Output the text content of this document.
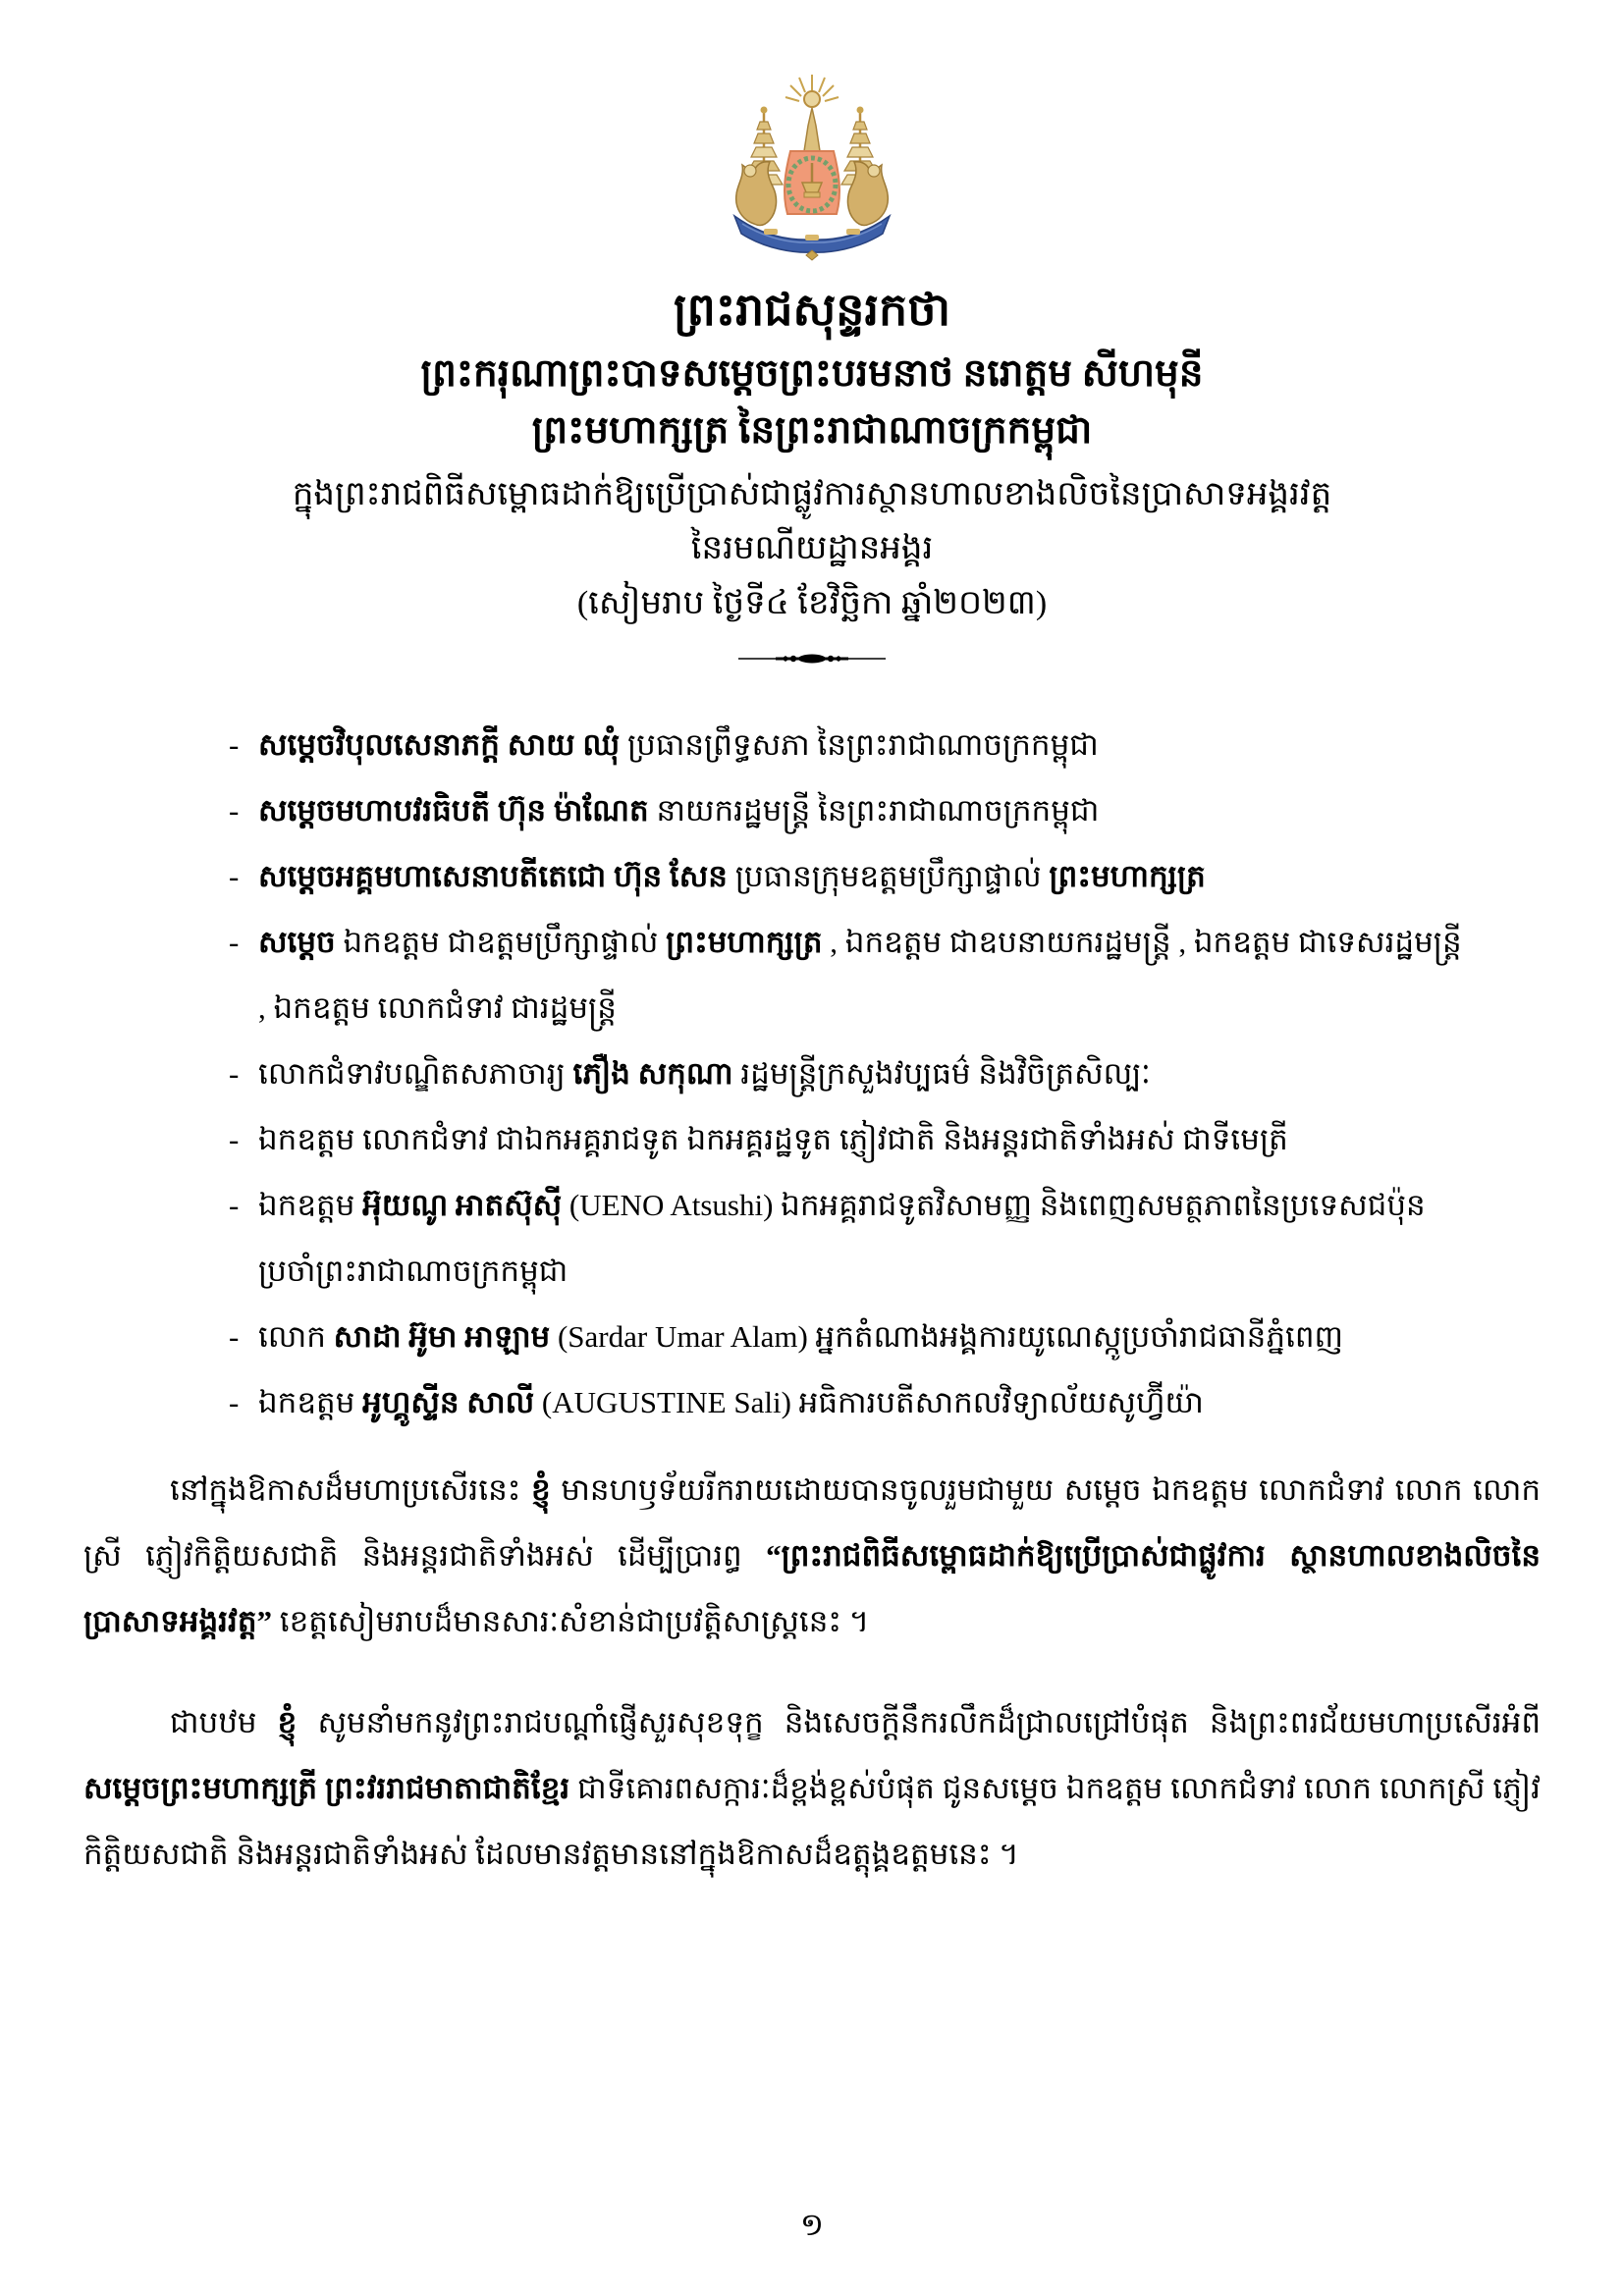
ព្រះរាជសុន្ទរកថា
ព្រះករុណាព្រះបាទសម្ដេចព្រះបរមនាថ នរោត្តម សីហមុនី
ព្រះមហាក្សត្រ នៃព្រះរាជាណាចក្រកម្ពុជា
ក្នុងព្រះរាជពិធីសម្ពោធដាក់ឱ្យប្រើប្រាស់ជាផ្លូវការស្ថានហាលខាងលិចនៃប្រាសាទអង្គរវត្ត
នៃរមណីយដ្ឋានអង្គរ
(សៀមរាប ថ្ងៃទី៤ ខែវិច្ឆិកា ឆ្នាំ២០២៣)
- សម្ដេចវិបុលសេនាភក្ដី សាយ ឈុំ ប្រធានព្រឹទ្ធសភា នៃព្រះរាជាណាចក្រកម្ពុជា
- សម្ដេចមហាបវរធិបតី ហ៊ុន ម៉ាណែត នាយករដ្ឋមន្ត្រី នៃព្រះរាជាណាចក្រកម្ពុជា
- សម្ដេចអគ្គមហាសេនាបតីតេជោ ហ៊ុន សែន ប្រធានក្រុមឧត្តមប្រឹក្សាផ្ទាល់ ព្រះមហាក្សត្រ
- សម្ដេច ឯកឧត្តម ជាឧត្តមប្រឹក្សាផ្ទាល់ ព្រះមហាក្សត្រ , ឯកឧត្តម ជាឧបនាយករដ្ឋមន្ត្រី , ឯកឧត្តម ជាទេសរដ្ឋមន្ត្រី , ឯកឧត្តម លោកជំទាវ ជារដ្ឋមន្ត្រី
- លោកជំទាវបណ្ឌិតសភាចារ្យ ភឿង សកុណា រដ្ឋមន្ត្រីក្រសួងវប្បធម៌ និងវិចិត្រសិល្បៈ
- ឯកឧត្តម លោកជំទាវ ជាឯកអគ្គរាជទូត ឯកអគ្គរដ្ឋទូត ភ្ញៀវជាតិ និងអន្តរជាតិទាំងអស់ ជាទីមេត្រី
- ឯកឧត្តម អ៊ុយណូ អាតស៊ុស៊ី (UENO Atsushi) ឯកអគ្គរាជទូតវិសាមញ្ញ និងពេញសមត្ថភាពនៃប្រទេសជប៉ុន ប្រចាំព្រះរាជាណាចក្រកម្ពុជា
- លោក សាដា អ៊ូមា អាឡាម (Sardar Umar Alam) អ្នកតំណាងអង្គការយូណេស្កូប្រចាំរាជធានីភ្នំពេញ
- ឯកឧត្តម អូហ្គូស្ទីន សាលី (AUGUSTINE Sali) អធិការបតីសាកលវិទ្យាល័យសូហ្វ៊ីយ៉ា
នៅក្នុងឱកាសដ៏មហាប្រសើរនេះ ខ្ញុំ មានហឫទ័យរីករាយដោយបានចូលរួមជាមួយ សម្ដេច ឯកឧត្តម លោកជំទាវ លោក លោកស្រី ភ្ញៀវកិត្តិយសជាតិ និងអន្តរជាតិទាំងអស់ ដើម្បីប្រារព្ធ “ព្រះរាជពិធីសម្ពោធដាក់ឱ្យប្រើប្រាស់ជាផ្លូវការ ស្ថានហាលខាងលិចនៃប្រាសាទអង្គរវត្ត” ខេត្តសៀមរាបដ៏មានសារៈសំខាន់ជាប្រវត្តិសាស្ត្រនេះ ។
ជាបឋម ខ្ញុំ សូមនាំមកនូវព្រះរាជបណ្ដាំផ្ញើសួរសុខទុក្ខ និងសេចក្ដីនឹករលឹកដ៏ជ្រាលជ្រៅបំផុត និងព្រះពរជ័យមហាប្រសើរអំពី សម្ដេចព្រះមហាក្សត្រី ព្រះវររាជមាតាជាតិខ្មែរ ជាទីគោរពសក្ការៈដ៏ខ្ពង់ខ្ពស់បំផុត ជូនសម្ដេច ឯកឧត្តម លោកជំទាវ លោក លោកស្រី ភ្ញៀវកិត្តិយសជាតិ និងអន្តរជាតិទាំងអស់ ដែលមានវត្តមាននៅក្នុងឱកាសដ៏ឧត្តុង្គឧត្តមនេះ ។
១
